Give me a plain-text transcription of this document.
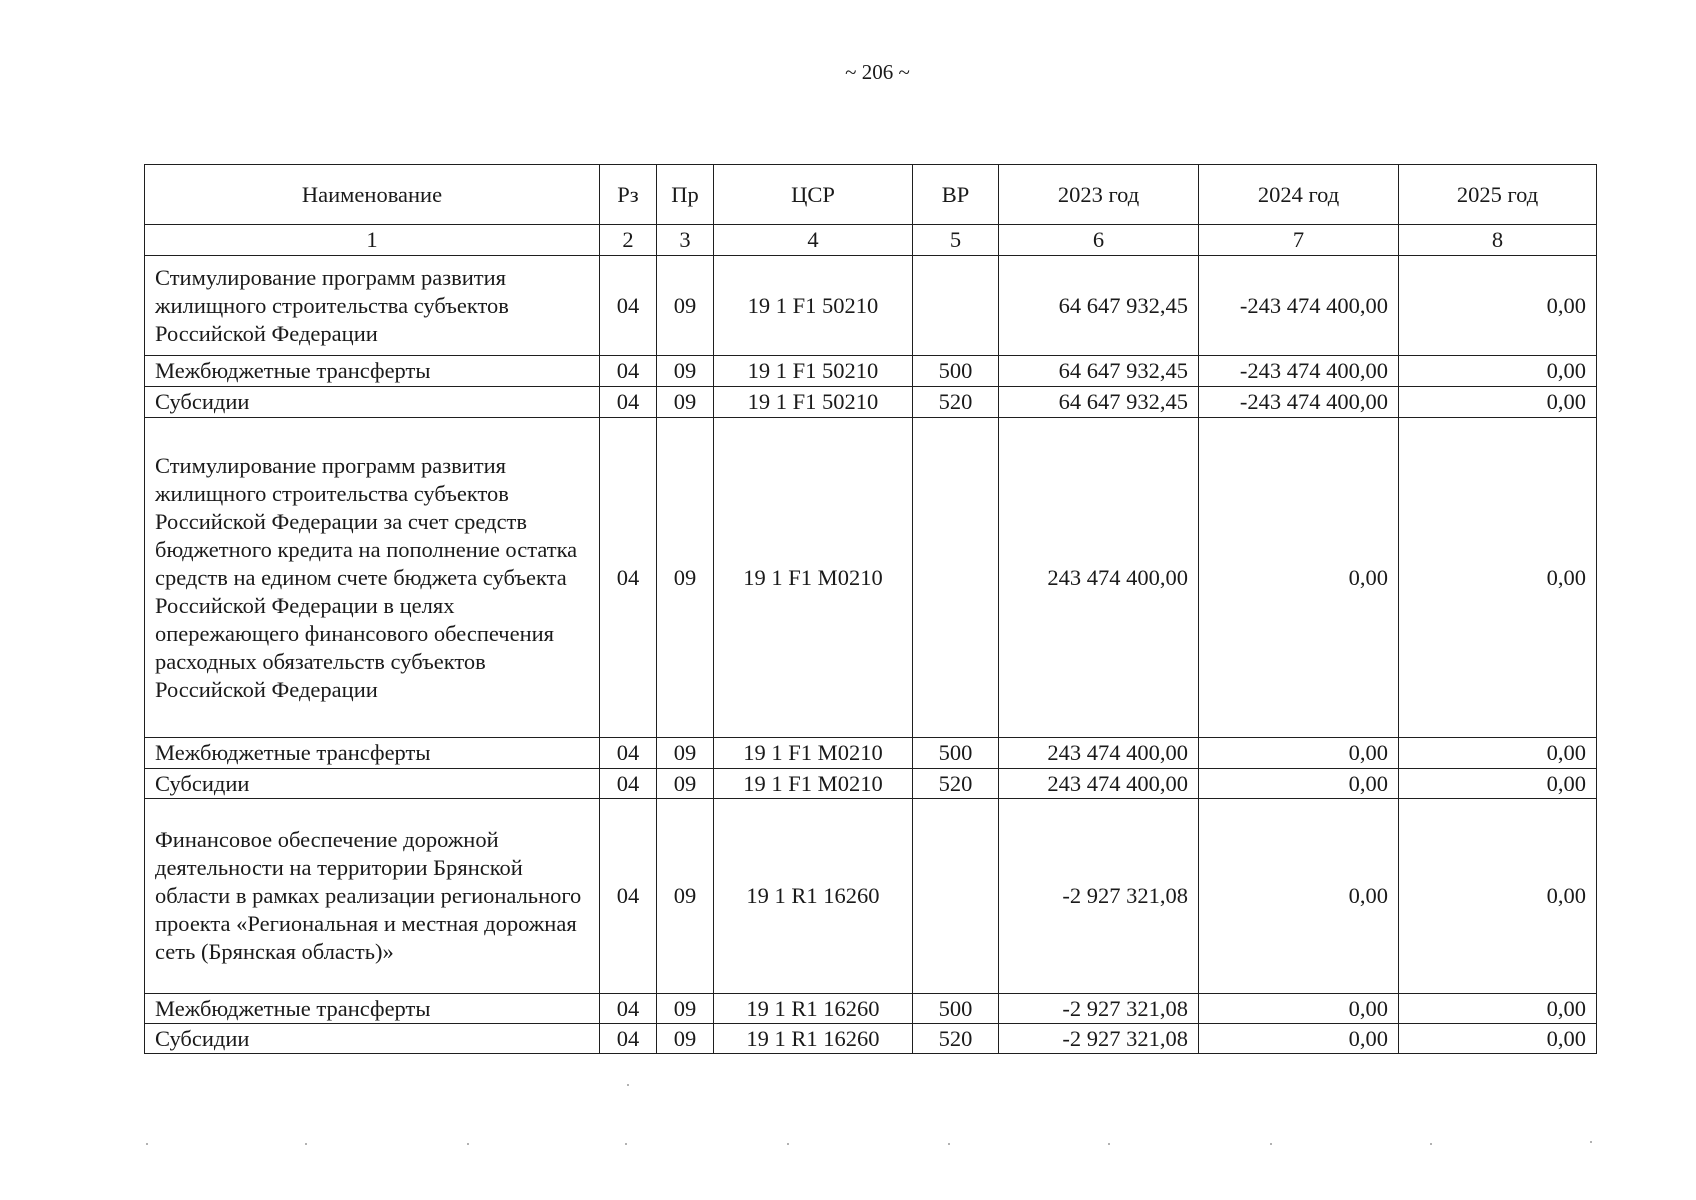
~ 206 ~
Наименование	Рз	Пр	ЦСР	ВР	2023 год	2024 год	2025 год
1	2	3	4	5	6	7	8
Стимулирование программ развития жилищного строительства субъектов Российской Федерации	04	09	19 1 F1 50210		64 647 932,45	-243 474 400,00	0,00
Межбюджетные трансферты	04	09	19 1 F1 50210	500	64 647 932,45	-243 474 400,00	0,00
Субсидии	04	09	19 1 F1 50210	520	64 647 932,45	-243 474 400,00	0,00
Стимулирование программ развития жилищного строительства субъектов Российской Федерации за счет средств бюджетного кредита на пополнение остатка средств на едином счете бюджета субъекта Российской Федерации в целях опережающего финансового обеспечения расходных обязательств субъектов Российской Федерации	04	09	19 1 F1 M0210		243 474 400,00	0,00	0,00
Межбюджетные трансферты	04	09	19 1 F1 M0210	500	243 474 400,00	0,00	0,00
Субсидии	04	09	19 1 F1 M0210	520	243 474 400,00	0,00	0,00
Финансовое обеспечение дорожной деятельности на территории Брянской области в рамках реализации регионального проекта «Региональная и местная дорожная сеть (Брянская область)»	04	09	19 1 R1 16260		-2 927 321,08	0,00	0,00
Межбюджетные трансферты	04	09	19 1 R1 16260	500	-2 927 321,08	0,00	0,00
Субсидии	04	09	19 1 R1 16260	520	-2 927 321,08	0,00	0,00
